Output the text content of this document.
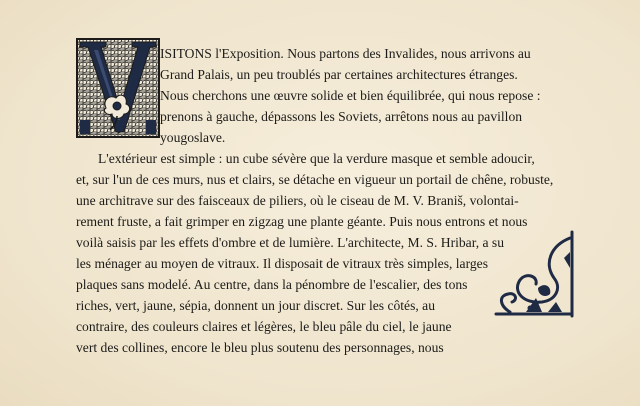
ISITONS l'Exposition. Nous partons des Invalides, nous arrivons au
Grand Palais, un peu troublés par certaines architectures étranges.
Nous cherchons une œuvre solide et bien équilibrée, qui nous repose :
prenons à gauche, dépassons les Soviets, arrêtons nous au pavillon
yougoslave.
L'extérieur est simple : un cube sévère que la verdure masque et semble adoucir,
et, sur l'un de ces murs, nus et clairs, se détache en vigueur un portail de chêne, robuste,
une architrave sur des faisceaux de piliers, où le ciseau de M. V. Braniš, volontai-
rement fruste, a fait grimper en zigzag une plante géante. Puis nous entrons et nous
voilà saisis par les effets d'ombre et de lumière. L'architecte, M. S. Hribar, a su
les ménager au moyen de vitraux. Il disposait de vitraux très simples, larges
plaques sans modelé. Au centre, dans la pénombre de l'escalier, des tons
riches, vert, jaune, sépia, donnent un jour discret. Sur les côtés, au
contraire, des couleurs claires et légères, le bleu pâle du ciel, le jaune
vert des collines, encore le bleu plus soutenu des personnages, nous
